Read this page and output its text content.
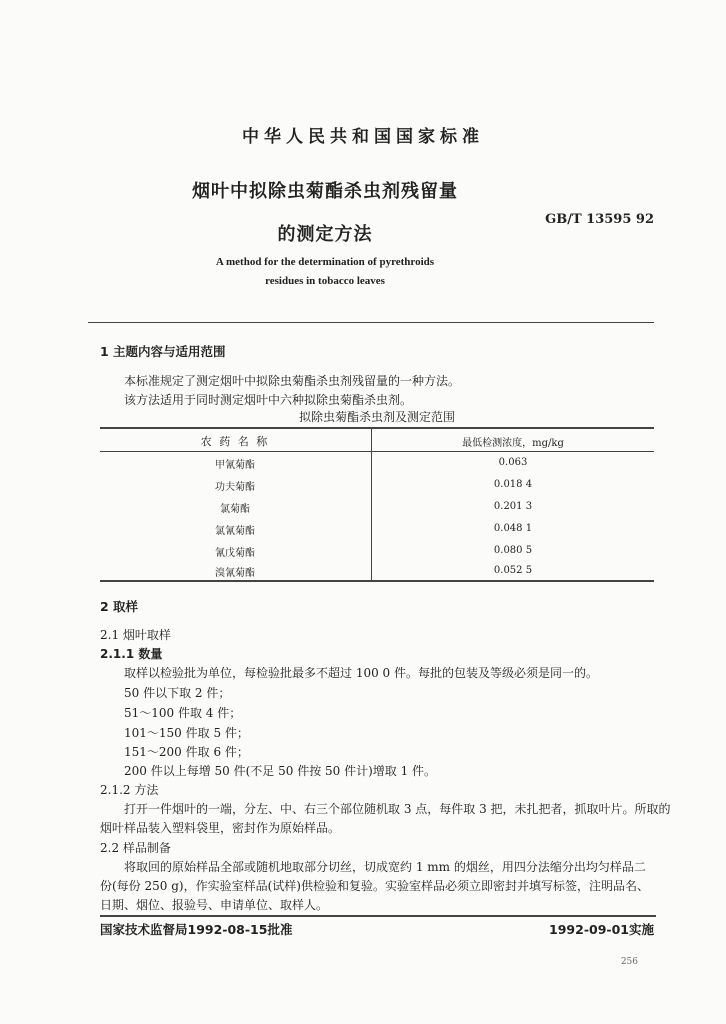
中华人民共和国国家标准
烟叶中拟除虫菊酯杀虫剂残留量
的测定方法
GB/T 13595 92
A method for the determination of pyrethroids
residues in tobacco leaves
1 主题内容与适用范围
本标准规定了测定烟叶中拟除虫菊酯杀虫剂残留量的一种方法。
该方法适用于同时测定烟叶中六种拟除虫菊酯杀虫剂。
拟除虫菊酯杀虫剂及测定范围
农 药 名 称	最低检测浓度，mg/kg
甲氰菊酯	0.063
功夫菊酯	0.018 4
氯菊酯	0.201 3
氯氰菊酯	0.048 1
氰戊菊酯	0.080 5
溴氰菊酯	0.052 5
2 取样
2.1 烟叶取样
2.1.1 数量
取样以检验批为单位，每检验批最多不超过 100 0 件。每批的包装及等级必须是同一的。
50 件以下取 2 件；
51～100 件取 4 件；
101～150 件取 5 件；
151～200 件取 6 件；
200 件以上每增 50 件(不足 50 件按 50 件计)增取 1 件。
2.1.2 方法
打开一件烟叶的一端，分左、中、右三个部位随机取 3 点，每件取 3 把，未扎把者，抓取叶片。所取的
烟叶样品装入塑料袋里，密封作为原始样品。
2.2 样品制备
将取回的原始样品全部或随机地取部分切丝，切成宽约 1 mm 的烟丝，用四分法缩分出均匀样品二
份(每份 250 g)，作实验室样品(试样)供检验和复验。实验室样品必须立即密封并填写标签，注明品名、
日期、烟位、报验号、申请单位、取样人。
国家技术监督局1992-08-15批准	1992-09-01实施
256
